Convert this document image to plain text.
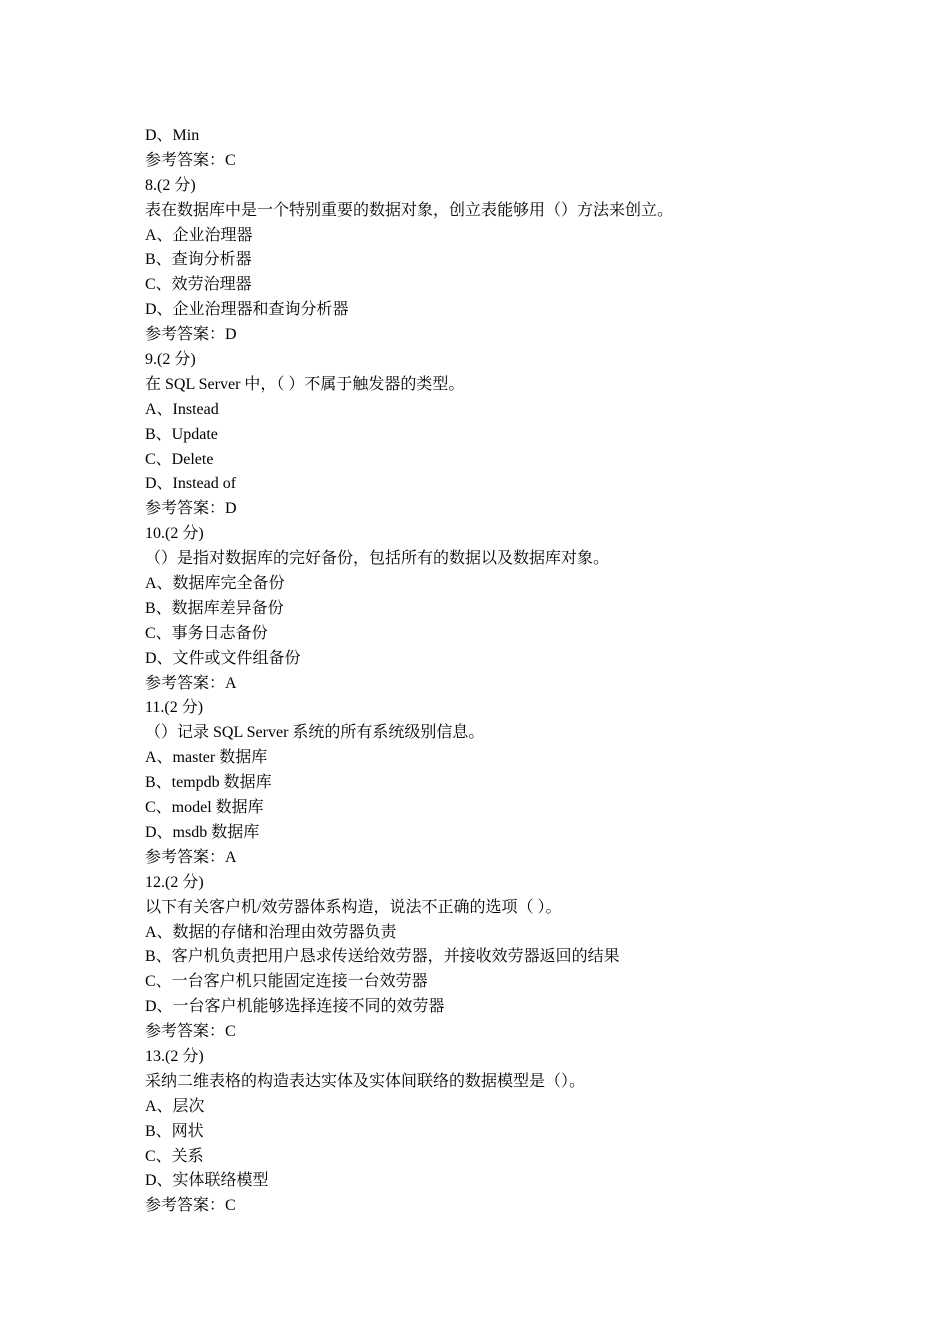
D、Min
参考答案：C
8.(2 分)
表在数据库中是一个特别重要的数据对象，创立表能够用（）方法来创立。
A、企业治理器
B、查询分析器
C、效劳治理器
D、企业治理器和查询分析器
参考答案：D
9.(2 分)
在 SQL Server 中，（ ）不属于触发器的类型。
A、Instead
B、Update
C、Delete
D、Instead of
参考答案：D
10.(2 分)
（）是指对数据库的完好备份，包括所有的数据以及数据库对象。
A、数据库完全备份
B、数据库差异备份
C、事务日志备份
D、文件或文件组备份
参考答案：A
11.(2 分)
（）记录 SQL Server 系统的所有系统级别信息。
A、master 数据库
B、tempdb 数据库
C、model 数据库
D、msdb 数据库
参考答案：A
12.(2 分)
以下有关客户机/效劳器体系构造，说法不正确的选项（ ）。
A、数据的存储和治理由效劳器负责
B、客户机负责把用户恳求传送给效劳器，并接收效劳器返回的结果
C、一台客户机只能固定连接一台效劳器
D、一台客户机能够选择连接不同的效劳器
参考答案：C
13.(2 分)
采纳二维表格的构造表达实体及实体间联络的数据模型是（）。
A、层次
B、网状
C、关系
D、实体联络模型
参考答案：C
